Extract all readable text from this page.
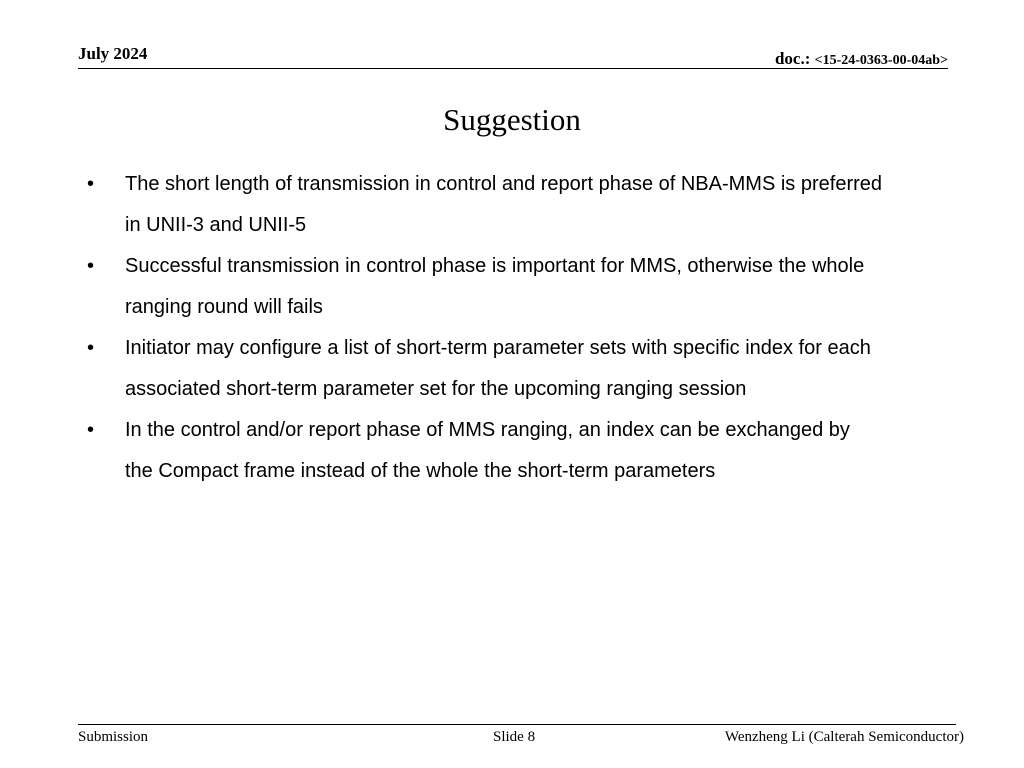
July 2024	doc.: <15-24-0363-00-04ab>
Suggestion
• The short length of transmission in control and report phase of NBA-MMS is preferred
in UNII-3 and UNII-5
• Successful transmission in control phase is important for MMS, otherwise the whole
ranging round will fails
• Initiator may configure a list of short-term parameter sets with specific index for each
associated short-term parameter set for the upcoming ranging session
• In the control and/or report phase of MMS ranging, an index can be exchanged by
the Compact frame instead of the whole the short-term parameters
Submission	Slide 8	Wenzheng Li (Calterah Semiconductor)
